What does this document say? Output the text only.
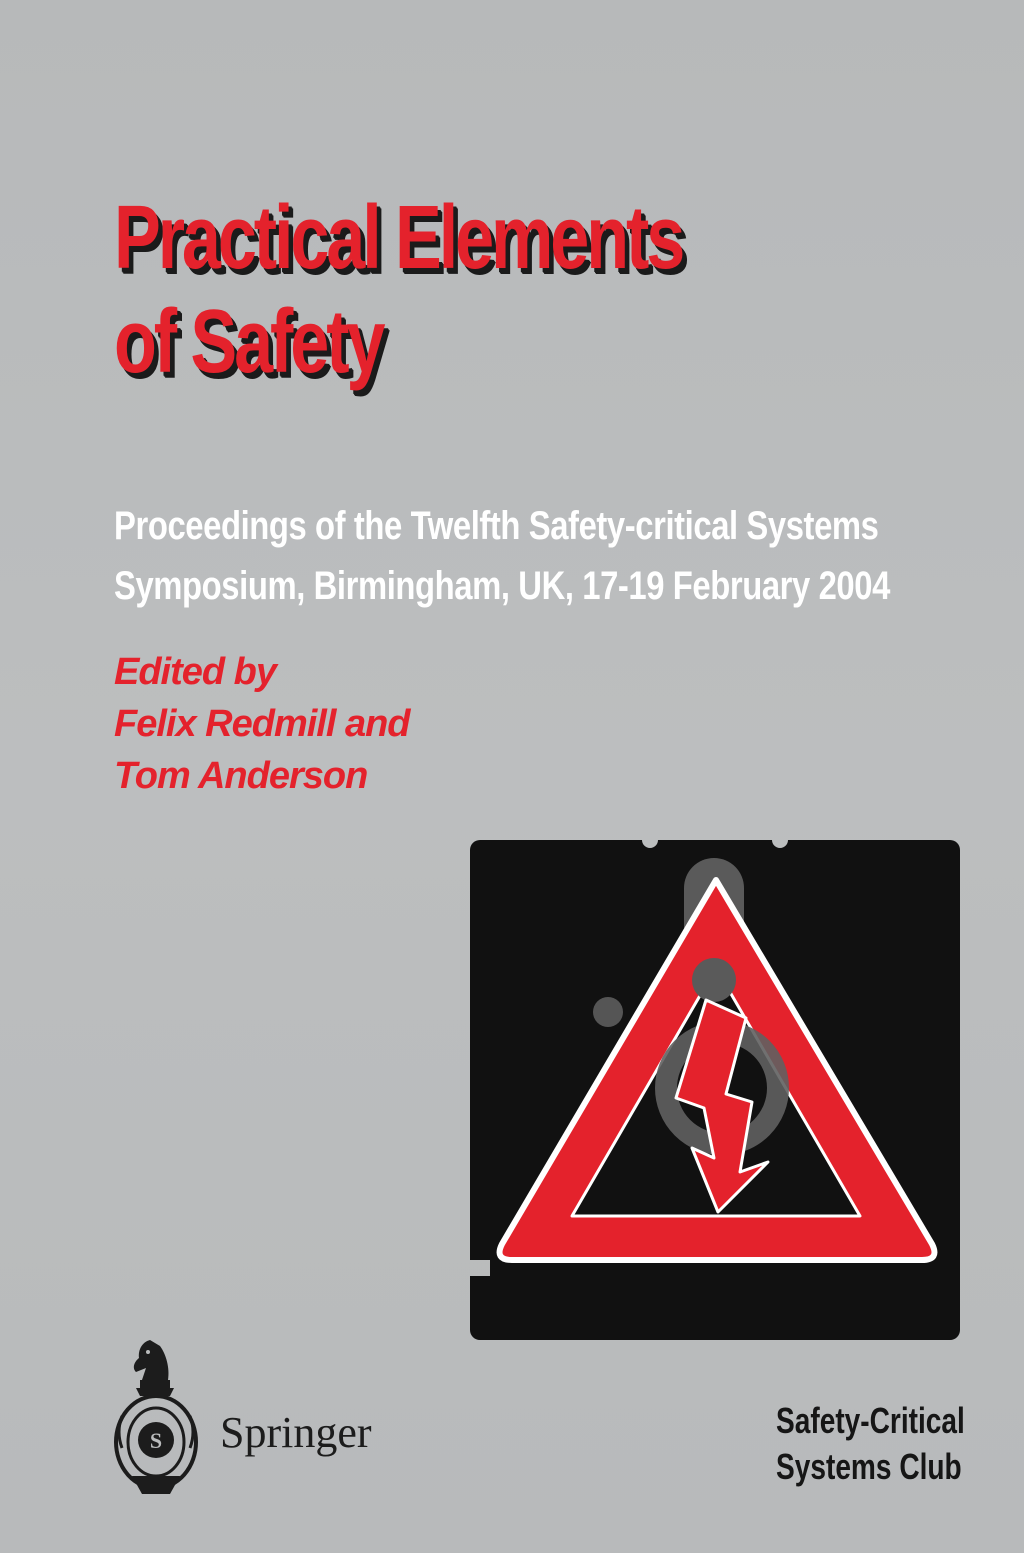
Practical Elements
of Safety
Proceedings of the Twelfth Safety-critical Systems
Symposium, Birmingham, UK, 17-19 February 2004
Edited by
Felix Redmill and
Tom Anderson
S Springer	Safety-Critical
Systems Club
